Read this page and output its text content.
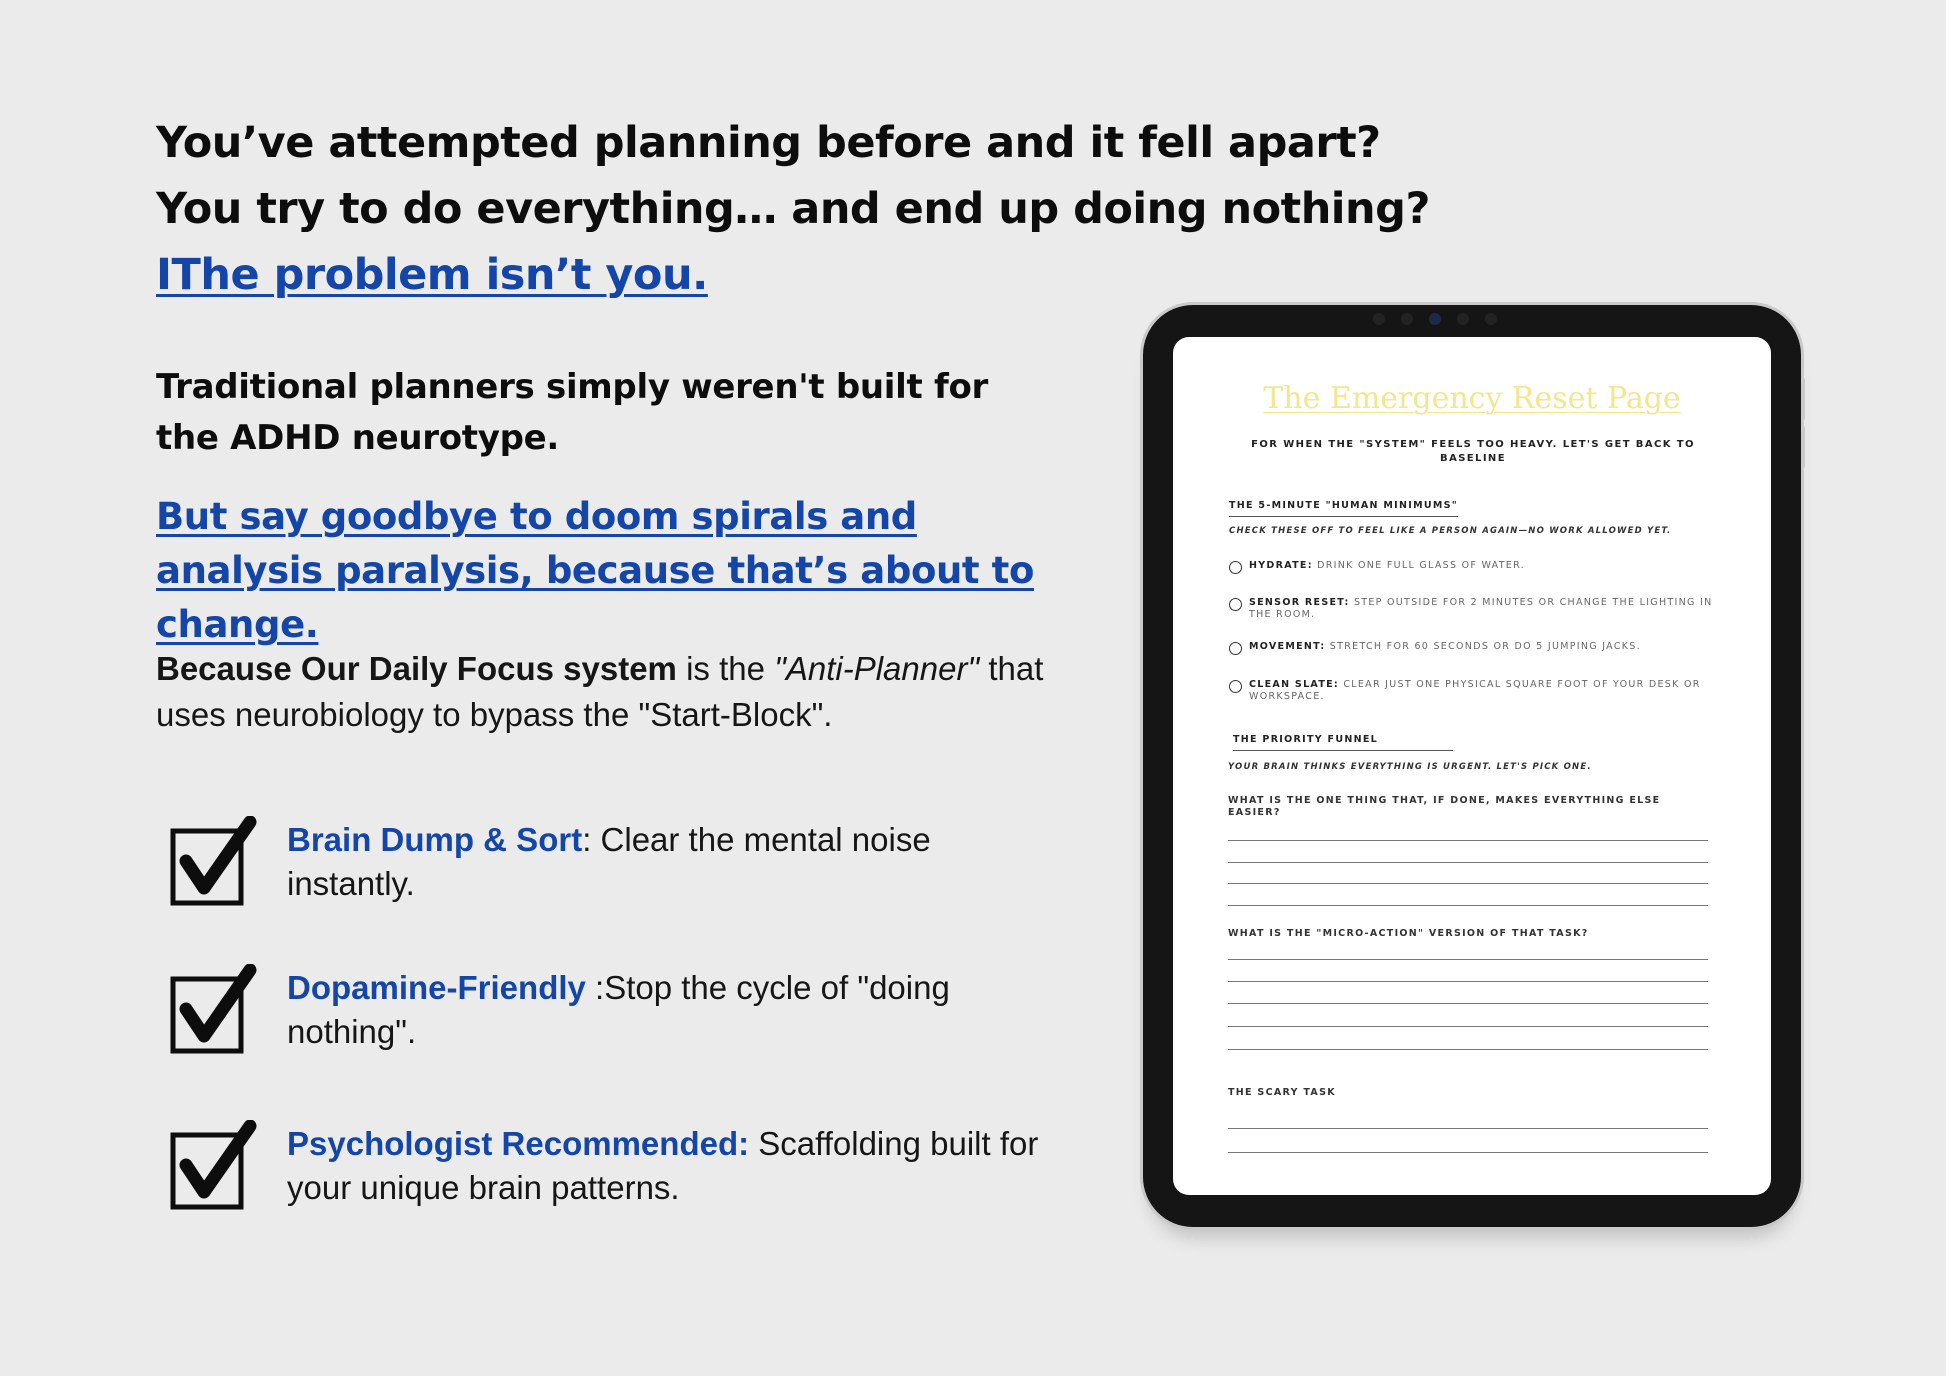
You’ve attempted planning before and it fell apart?
You try to do everything… and end up doing nothing?
IThe problem isn’t you.
Traditional planners simply weren't built for the ADHD neurotype.
But say goodbye to doom spirals and analysis paralysis, because that’s about to change.
Because Our Daily Focus system is the "Anti-Planner" that uses neurobiology to bypass the "Start-Block".
Brain Dump & Sort: Clear the mental noise instantly.
Dopamine-Friendly :Stop the cycle of "doing nothing".
Psychologist Recommended: Scaffolding built for your unique brain patterns.
The Emergency Reset Page
FOR WHEN THE "SYSTEM" FEELS TOO HEAVY. LET'S GET BACK TO BASELINE
THE 5-MINUTE "HUMAN MINIMUMS"
CHECK THESE OFF TO FEEL LIKE A PERSON AGAIN—NO WORK ALLOWED YET.
HYDRATE: DRINK ONE FULL GLASS OF WATER.
SENSOR RESET: STEP OUTSIDE FOR 2 MINUTES OR CHANGE THE LIGHTING IN THE ROOM.
MOVEMENT: STRETCH FOR 60 SECONDS OR DO 5 JUMPING JACKS.
CLEAN SLATE: CLEAR JUST ONE PHYSICAL SQUARE FOOT OF YOUR DESK OR WORKSPACE.
THE PRIORITY FUNNEL
YOUR BRAIN THINKS EVERYTHING IS URGENT. LET'S PICK ONE.
WHAT IS THE ONE THING THAT, IF DONE, MAKES EVERYTHING ELSE EASIER?
WHAT IS THE "MICRO-ACTION" VERSION OF THAT TASK?
THE SCARY TASK
